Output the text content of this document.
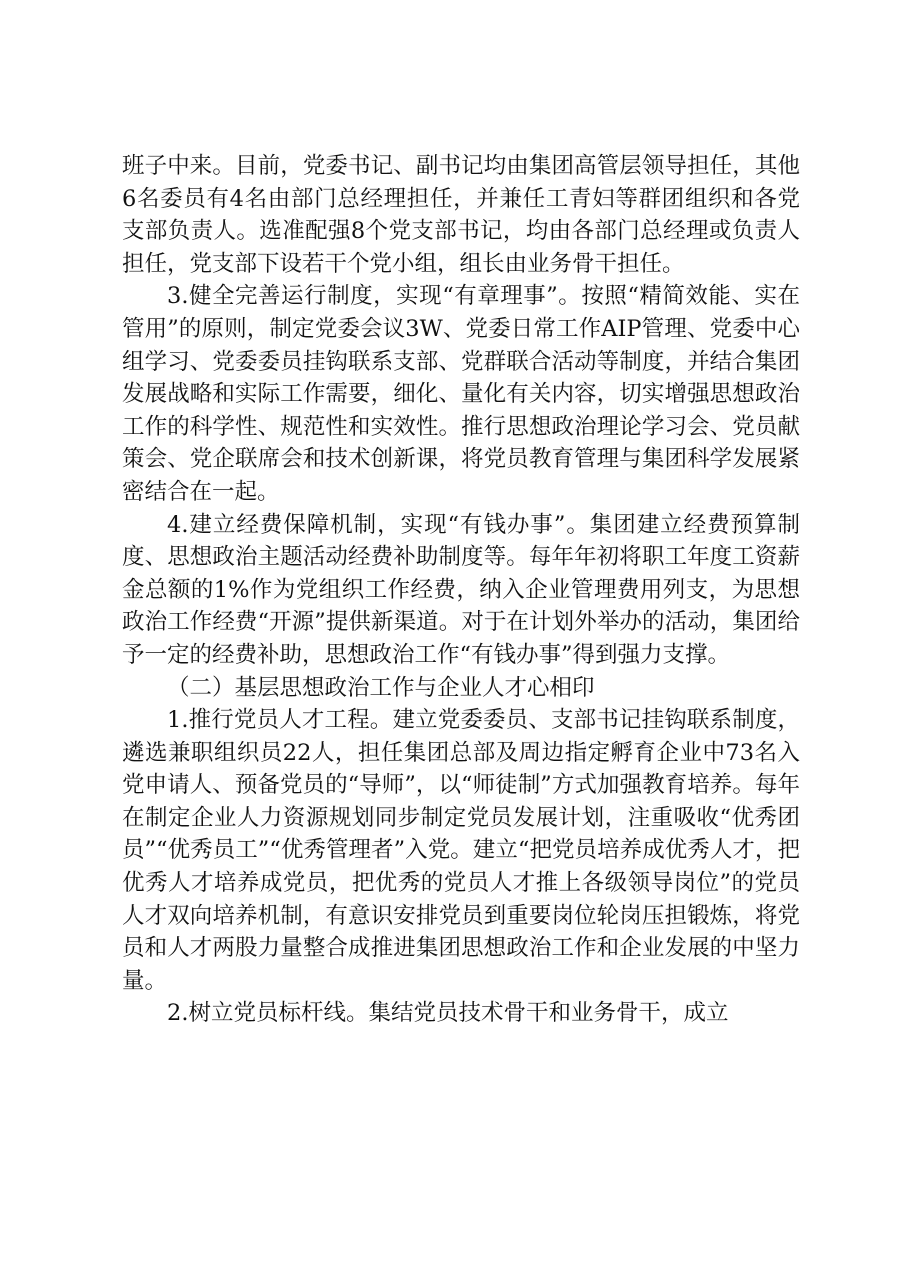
班子中来。目前，党委书记、副书记均由集团高管层领导担任，其他6名委员有4名由部门总经理担任，并兼任工青妇等群团组织和各党支部负责人。选准配强8个党支部书记，均由各部门总经理或负责人担任，党支部下设若干个党小组，组长由业务骨干担任。

3.健全完善运行制度，实现“有章理事”。按照“精简效能、实在管用”的原则，制定党委会议3W、党委日常工作AIP管理、党委中心组学习、党委委员挂钩联系支部、党群联合活动等制度，并结合集团发展战略和实际工作需要，细化、量化有关内容，切实增强思想政治工作的科学性、规范性和实效性。推行思想政治理论学习会、党员献策会、党企联席会和技术创新课，将党员教育管理与集团科学发展紧密结合在一起。

4.建立经费保障机制，实现“有钱办事”。集团建立经费预算制度、思想政治主题活动经费补助制度等。每年年初将职工年度工资薪金总额的1%作为党组织工作经费，纳入企业管理费用列支，为思想政治工作经费“开源”提供新渠道。对于在计划外举办的活动，集团给予一定的经费补助，思想政治工作“有钱办事”得到强力支撑。

（二）基层思想政治工作与企业人才心相印

1.推行党员人才工程。建立党委委员、支部书记挂钩联系制度，遴选兼职组织员22人，担任集团总部及周边指定孵育企业中73名入党申请人、预备党员的“导师”，以“师徒制”方式加强教育培养。每年在制定企业人力资源规划同步制定党员发展计划，注重吸收“优秀团员”“优秀员工”“优秀管理者”入党。建立“把党员培养成优秀人才，把优秀人才培养成党员，把优秀的党员人才推上各级领导岗位”的党员人才双向培养机制，有意识安排党员到重要岗位轮岗压担锻炼，将党员和人才两股力量整合成推进集团思想政治工作和企业发展的中坚力量。

2.树立党员标杆线。集结党员技术骨干和业务骨干，成立
